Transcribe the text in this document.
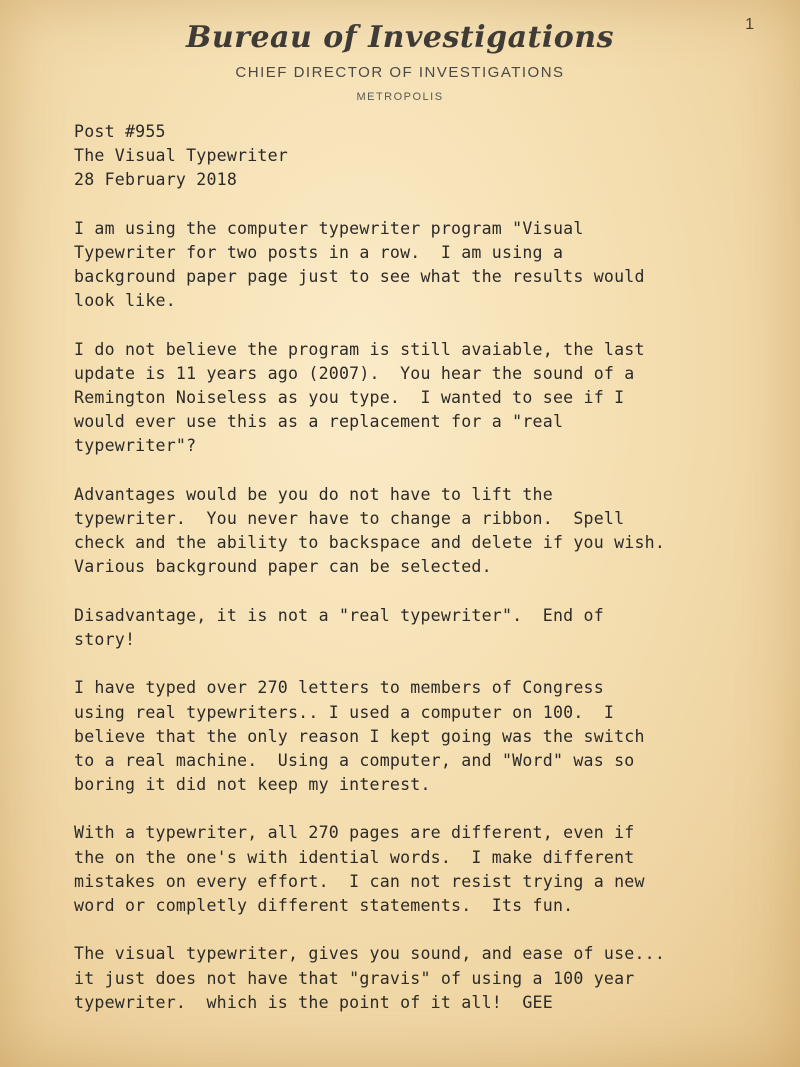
1
Bureau of Investigations
CHIEF DIRECTOR OF INVESTIGATIONS
METROPOLIS
Post #955
The Visual Typewriter
28 February 2018
I am using the computer typewriter program "Visual
Typewriter for two posts in a row.  I am using a
background paper page just to see what the results would
look like.
I do not believe the program is still avaiable, the last
update is 11 years ago (2007).  You hear the sound of a
Remington Noiseless as you type.  I wanted to see if I
would ever use this as a replacement for a "real
typewriter"?
Advantages would be you do not have to lift the
typewriter.  You never have to change a ribbon.  Spell
check and the ability to backspace and delete if you wish.
Various background paper can be selected.
Disadvantage, it is not a "real typewriter".  End of
story!
I have typed over 270 letters to members of Congress
using real typewriters.. I used a computer on 100.  I
believe that the only reason I kept going was the switch
to a real machine.  Using a computer, and "Word" was so
boring it did not keep my interest.
With a typewriter, all 270 pages are different, even if
the on the one's with idential words.  I make different
mistakes on every effort.  I can not resist trying a new
word or completly different statements.  Its fun.
The visual typewriter, gives you sound, and ease of use...
it just does not have that "gravis" of using a 100 year
typewriter.  which is the point of it all!  GEE
